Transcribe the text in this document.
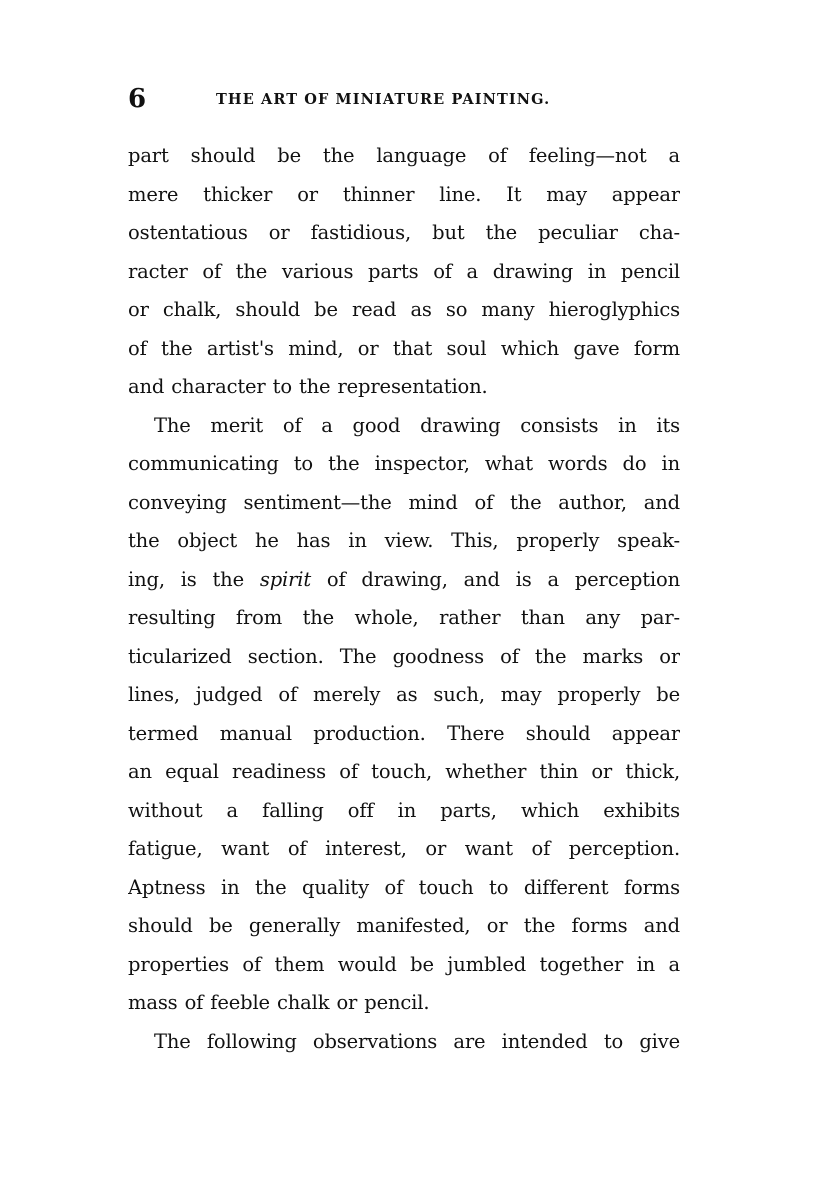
6	THE ART OF MINIATURE PAINTING.
part should be the language of feeling—not a
mere thicker or thinner line. It may appear
ostentatious or fastidious, but the peculiar cha-
racter of the various parts of a drawing in pencil
or chalk, should be read as so many hieroglyphics
of the artist's mind, or that soul which gave form
and character to the representation.
The merit of a good drawing consists in its
communicating to the inspector, what words do in
conveying sentiment—the mind of the author, and
the object he has in view. This, properly speak-
ing, is the spirit of drawing, and is a perception
resulting from the whole, rather than any par-
ticularized section. The goodness of the marks or
lines, judged of merely as such, may properly be
termed manual production. There should appear
an equal readiness of touch, whether thin or thick,
without a falling off in parts, which exhibits
fatigue, want of interest, or want of perception.
Aptness in the quality of touch to different forms
should be generally manifested, or the forms and
properties of them would be jumbled together in a
mass of feeble chalk or pencil.
The following observations are intended to give
